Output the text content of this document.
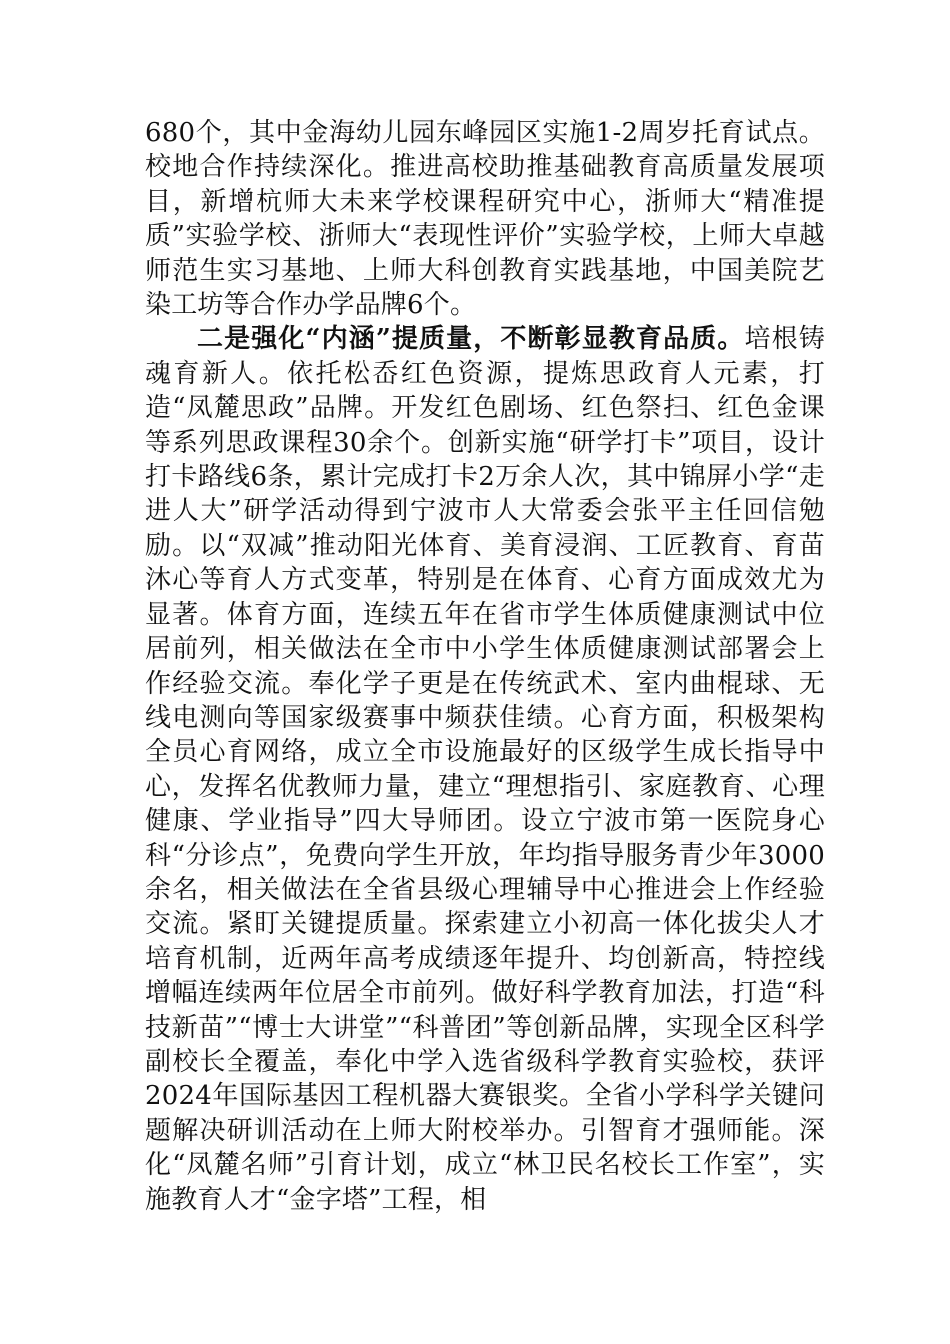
680个，其中金海幼儿园东峰园区实施1-2周岁托育试点。校地合作持续深化。推进高校助推基础教育高质量发展项目，新增杭师大未来学校课程研究中心，浙师大“精准提质”实验学校、浙师大“表现性评价”实验学校，上师大卓越师范生实习基地、上师大科创教育实践基地，中国美院艺染工坊等合作办学品牌6个。

二是强化“内涵”提质量，不断彰显教育品质。培根铸魂育新人。依托松岙红色资源，提炼思政育人元素，打造“凤麓思政”品牌。开发红色剧场、红色祭扫、红色金课等系列思政课程30余个。创新实施“研学打卡”项目，设计打卡路线6条，累计完成打卡2万余人次，其中锦屏小学“走进人大”研学活动得到宁波市人大常委会张平主任回信勉励。以“双减”推动阳光体育、美育浸润、工匠教育、育苗沐心等育人方式变革，特别是在体育、心育方面成效尤为显著。体育方面，连续五年在省市学生体质健康测试中位居前列，相关做法在全市中小学生体质健康测试部署会上作经验交流。奉化学子更是在传统武术、室内曲棍球、无线电测向等国家级赛事中频获佳绩。心育方面，积极架构全员心育网络，成立全市设施最好的区级学生成长指导中心，发挥名优教师力量，建立“理想指引、家庭教育、心理健康、学业指导”四大导师团。设立宁波市第一医院身心科“分诊点”，免费向学生开放，年均指导服务青少年3000余名，相关做法在全省县级心理辅导中心推进会上作经验交流。紧盯关键提质量。探索建立小初高一体化拔尖人才培育机制，近两年高考成绩逐年提升、均创新高，特控线增幅连续两年位居全市前列。做好科学教育加法，打造“科技新苗”“博士大讲堂”“科普团”等创新品牌，实现全区科学副校长全覆盖，奉化中学入选省级科学教育实验校，获评2024年国际基因工程机器大赛银奖。全省小学科学关键问题解决研训活动在上师大附校举办。引智育才强师能。深化“凤麓名师”引育计划，成立“林卫民名校长工作室”，实施教育人才“金字塔”工程，相
